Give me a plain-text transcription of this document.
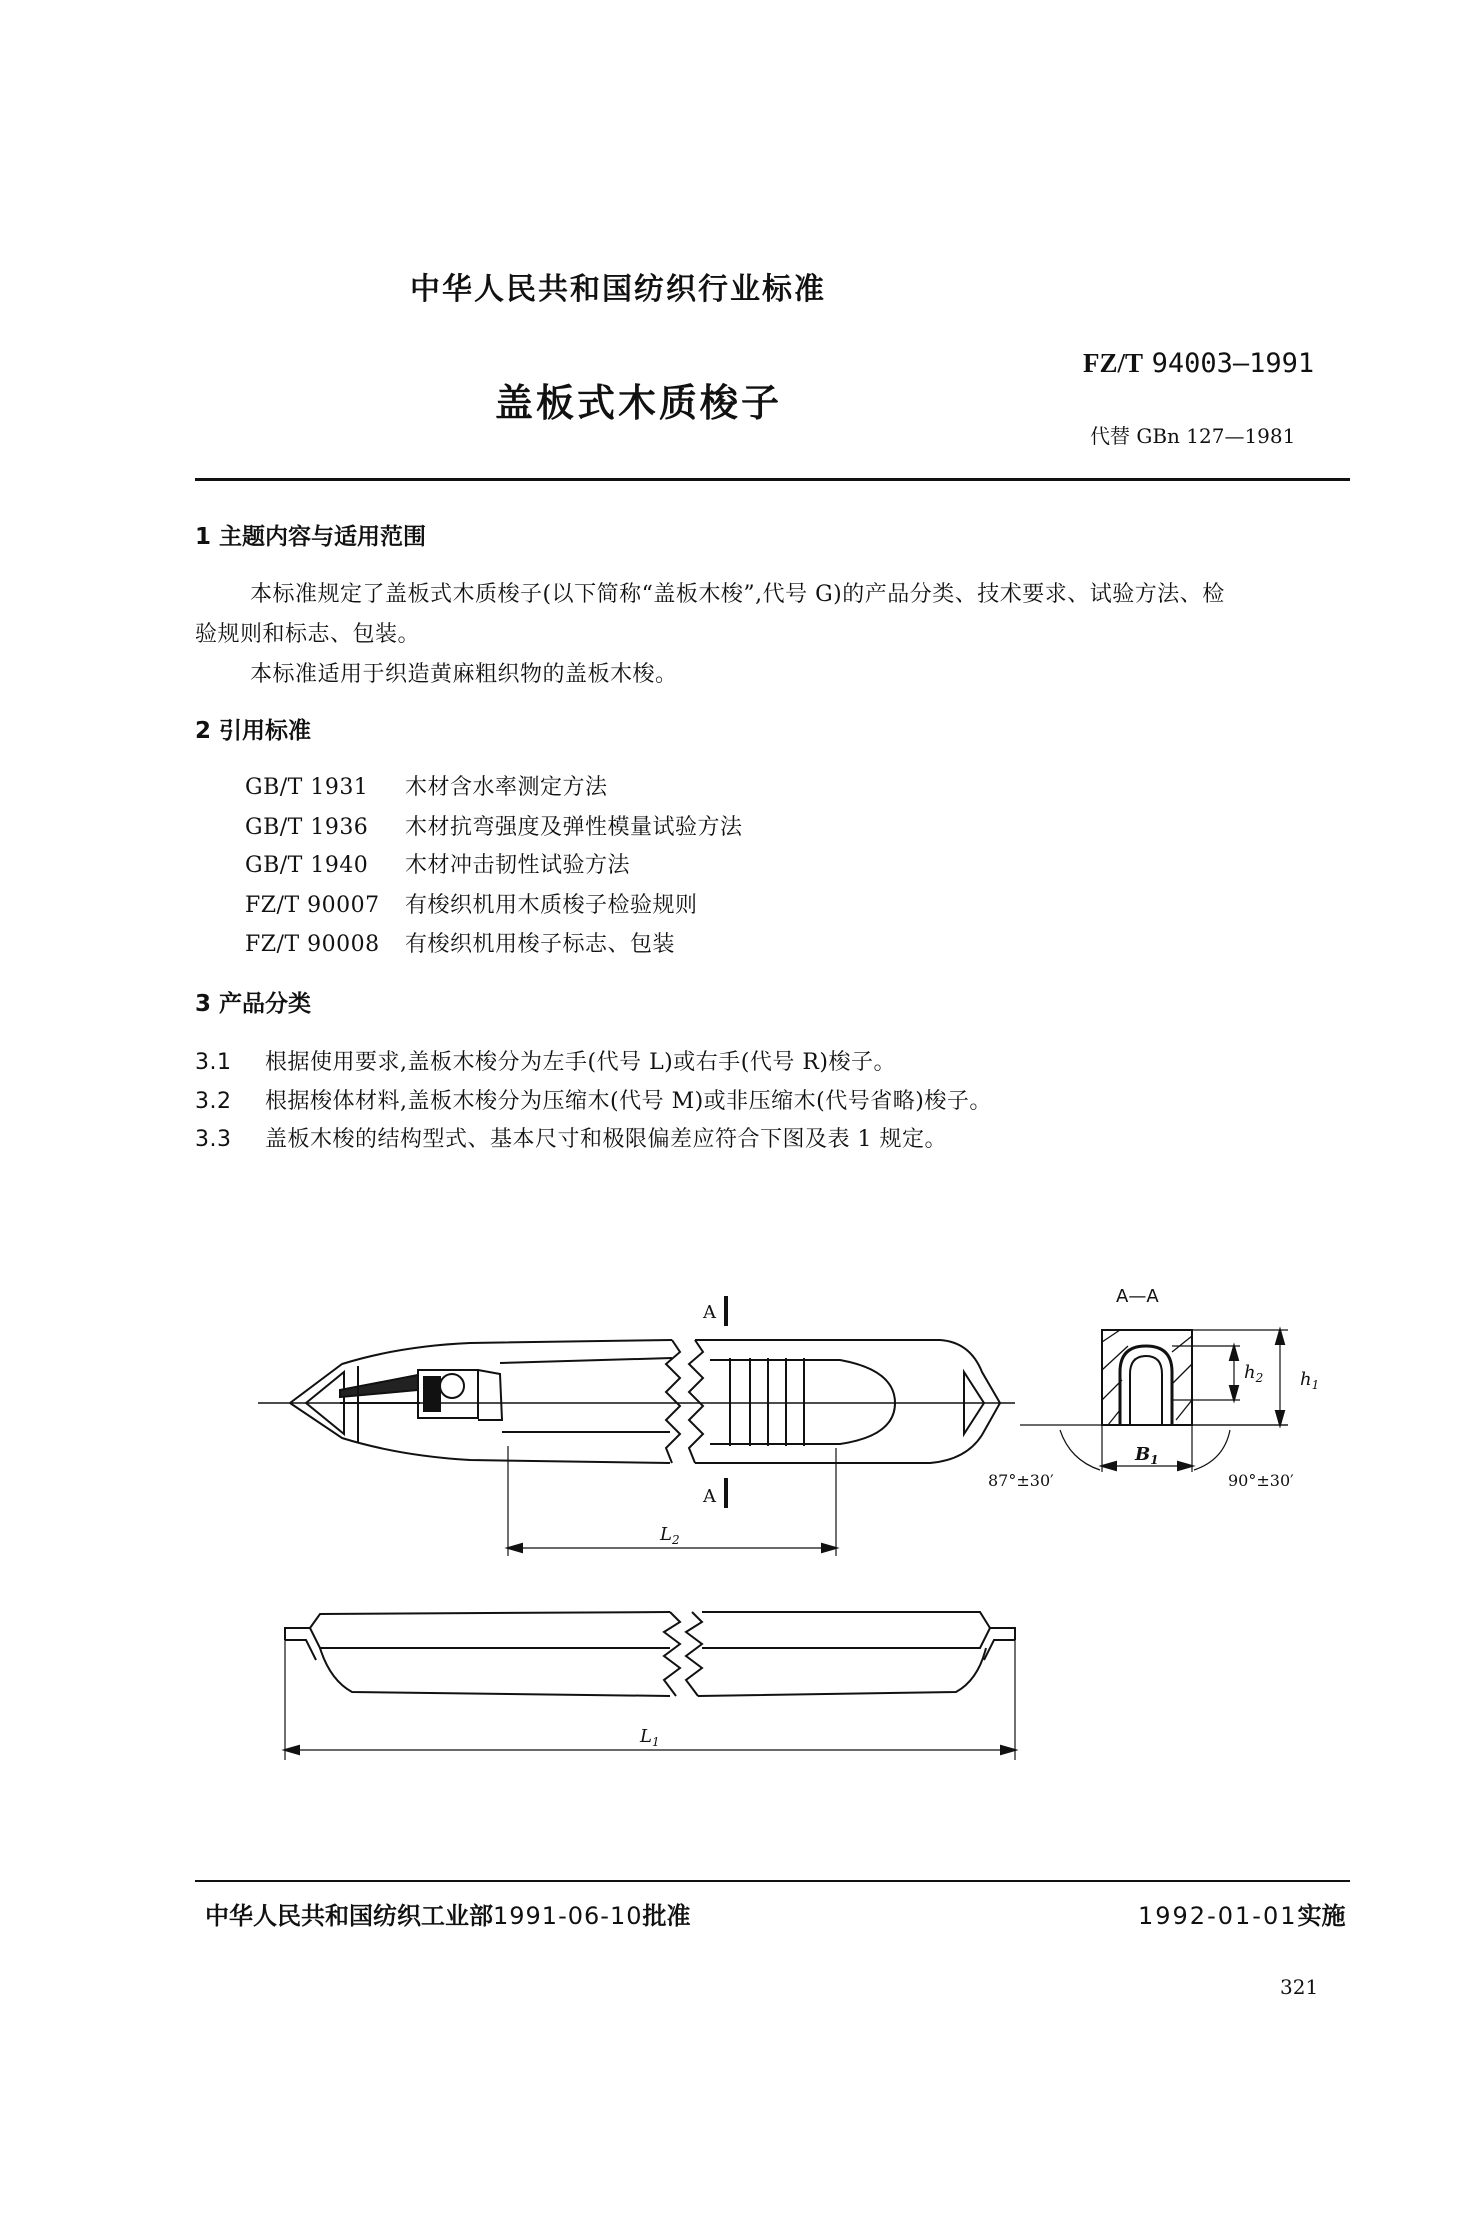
中华人民共和国纺织行业标准
盖板式木质梭子
FZ/T 94003—1991
代替 GBn 127—1981
1 主题内容与适用范围
本标准规定了盖板式木质梭子(以下简称“盖板木梭”,代号 G)的产品分类、技术要求、试验方法、检
验规则和标志、包装。
本标准适用于织造黄麻粗织物的盖板木梭。
2 引用标准
GB/T 1931 木材含水率测定方法
GB/T 1936 木材抗弯强度及弹性模量试验方法
GB/T 1940 木材冲击韧性试验方法
FZ/T 90007 有梭织机用木质梭子检验规则
FZ/T 90008 有梭织机用梭子标志、包装
3 产品分类
3.1 根据使用要求,盖板木梭分为左手(代号 L)或右手(代号 R)梭子。
3.2 根据梭体材料,盖板木梭分为压缩木(代号 M)或非压缩木(代号省略)梭子。
3.3 盖板木梭的结构型式、基本尺寸和极限偏差应符合下图及表 1 规定。
A
A
A—A
$L_2$
$L_1$
$B_1$
$h_1$
$h_2$
87°±30′	90°±30′
中华人民共和国纺织工业部1991-06-10批准	1992-01-01实施
321
